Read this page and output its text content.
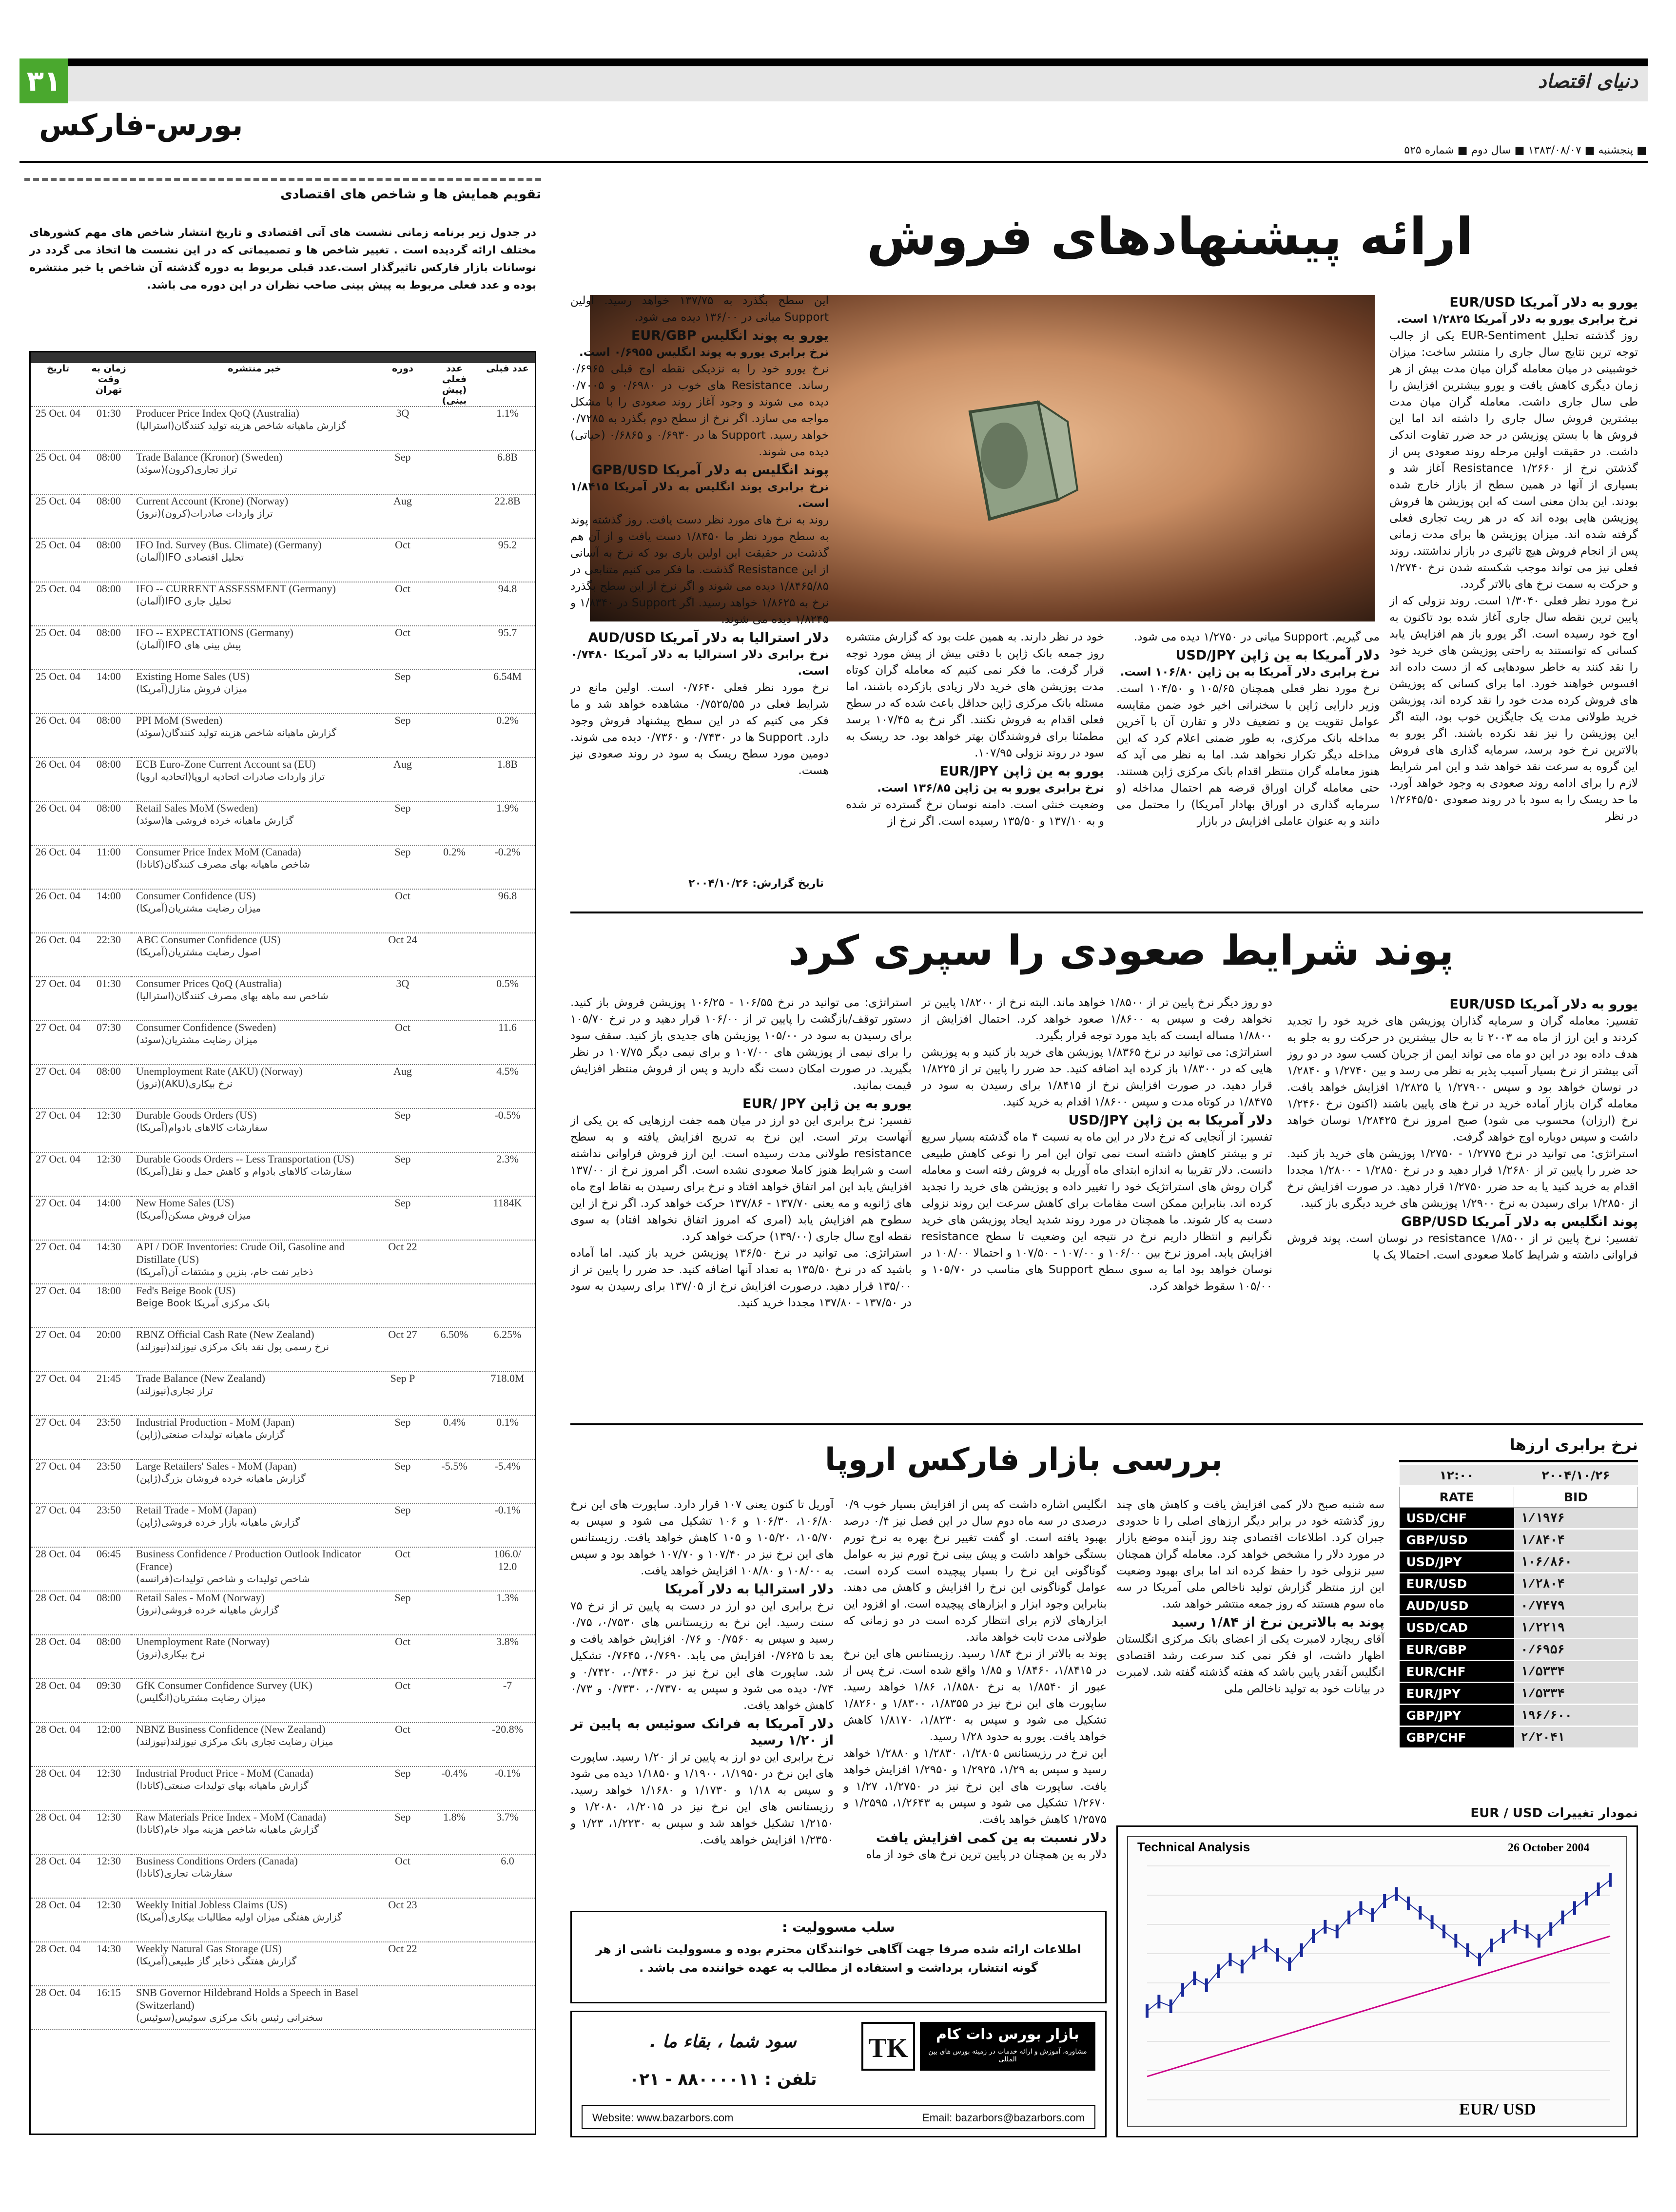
دنیای اقتصاد
۳۱
بورس-فارکس
■ پنجشنبه ■ ۱۳۸۳/۰۸/۰۷ ■ سال دوم ■ شماره ۵۲۵
تقویم همایش ها و شاخص های اقتصادی
در جدول زیر برنامه زمانی نشست های آتی اقتصادی و تاریخ انتشار شاخص های مهم کشورهای مختلف ارائه گردیده است . تغییر شاخص ها و تصمیماتی که در این نشست ها اتخاذ می گردد در نوسانات بازار فارکس تاثیرگذار است.عدد قبلی مربوط به دوره گذشته آن شاخص یا خبر منتشره بوده و عدد فعلی مربوط به پیش بینی صاحب نظران در این دوره می باشد.
تاریخ	زمان به وقت تهران	خبر منتشره	دوره	عدد فعلی (پیش بینی)	عدد قبلی
25 Oct. 04	01:30	Producer Price Index QoQ (Australia)
گزارش ماهیانه شاخص هزینه تولید کنندگان(استرالیا)	3Q		1.1%
25 Oct. 04	08:00	Trade Balance (Kronor) (Sweden)
تراز تجاری(کرون)(سوئد)	Sep		6.8B
25 Oct. 04	08:00	Current Account (Krone) (Norway)
تراز واردات صادرات(کرون)(نروژ)	Aug		22.8B
25 Oct. 04	08:00	IFO Ind. Survey (Bus. Climate) (Germany)
تحلیل اقتصادی IFO(آلمان)	Oct		95.2
25 Oct. 04	08:00	IFO -- CURRENT ASSESSMENT (Germany)
تحلیل جاری IFO(آلمان)	Oct		94.8
25 Oct. 04	08:00	IFO -- EXPECTATIONS (Germany)
پیش بینی های IFO(آلمان)	Oct		95.7
25 Oct. 04	14:00	Existing Home Sales (US)
میزان فروش منازل(آمریکا)	Sep		6.54M
26 Oct. 04	08:00	PPI MoM (Sweden)
گزارش ماهیانه شاخص هزینه تولید کنندگان(سوئد)	Sep		0.2%
26 Oct. 04	08:00	ECB Euro-Zone Current Account sa (EU)
تراز واردات صادرات اتحادیه اروپا(اتحادیه اروپا)	Aug		1.8B
26 Oct. 04	08:00	Retail Sales MoM (Sweden)
گزارش ماهیانه خرده فروشی ها(سوئد)	Sep		1.9%
26 Oct. 04	11:00	Consumer Price Index MoM (Canada)
شاخص ماهیانه بهای مصرف کنندگان(کانادا)	Sep	0.2%	-0.2%
26 Oct. 04	14:00	Consumer Confidence (US)
میزان رضایت مشتریان(آمریکا)	Oct		96.8
26 Oct. 04	22:30	ABC Consumer Confidence (US)
اصول رضایت مشتریان(آمریکا)	Oct 24		
27 Oct. 04	01:30	Consumer Prices QoQ (Australia)
شاخص سه ماهه بهای مصرف کنندگان(استرالیا)	3Q		0.5%
27 Oct. 04	07:30	Consumer Confidence (Sweden)
میزان رضایت مشتریان(سوئد)	Oct		11.6
27 Oct. 04	08:00	Unemployment Rate (AKU) (Norway)
نرخ بیکاری(AKU)(نروژ)	Aug		4.5%
27 Oct. 04	12:30	Durable Goods Orders (US)
سفارشات کالاهای بادوام(آمریکا)	Sep		-0.5%
27 Oct. 04	12:30	Durable Goods Orders -- Less Transportation (US)
سفارشات کالاهای بادوام و کاهش حمل و نقل(آمریکا)	Sep		2.3%
27 Oct. 04	14:00	New Home Sales (US)
میزان فروش مسکن(آمریکا)	Sep		1184K
27 Oct. 04	14:30	API / DOE Inventories: Crude Oil, Gasoline and Distillate (US)
ذخایر نفت خام، بنزین و مشتقات آن(آمریکا)	Oct 22		
27 Oct. 04	18:00	Fed's Beige Book (US)
بانک مرکزی آمریکا Beige Book			

27 Oct. 04	20:00	RBNZ Official Cash Rate (New Zealand)
نرخ رسمی پول نقد بانک مرکزی نیوزلند(نیوزلند)	Oct 27	6.50%	6.25%
27 Oct. 04	21:45	Trade Balance (New Zealand)
تراز تجاری(نیوزلند)	Sep P		718.0M
27 Oct. 04	23:50	Industrial Production - MoM (Japan)
گزارش ماهیانه تولیدات صنعتی(ژاپن)	Sep	0.4%	0.1%
27 Oct. 04	23:50	Large Retailers' Sales - MoM (Japan)
گزارش ماهیانه خرده فروشان بزرگ(ژاپن)	Sep	-5.5%	-5.4%
27 Oct. 04	23:50	Retail Trade - MoM (Japan)
گزارش ماهیانه بازار خرده فروشی(ژاپن)	Sep		-0.1%
28 Oct. 04	06:45	Business Confidence / Production Outlook Indicator (France)
شاخص تولیدات و شاخص تولیدات(فرانسه)	Oct		106.0/ 12.0
28 Oct. 04	08:00	Retail Sales - MoM (Norway)
گزارش ماهیانه خرده فروشی(نروژ)	Sep		1.3%
28 Oct. 04	08:00	Unemployment Rate (Norway)
نرخ بیکاری(نروژ)	Oct		3.8%
28 Oct. 04	09:30	GfK Consumer Confidence Survey (UK)
میزان رضایت مشتریان(انگلیس)	Oct		-7
28 Oct. 04	12:00	NBNZ Business Confidence (New Zealand)
میزان رضایت تجاری بانک مرکزی نیوزلند(نیوزلند)	Oct		-20.8%
28 Oct. 04	12:30	Industrial Product Price - MoM (Canada)
گزارش ماهیانه بهای تولیدات صنعتی(کانادا)	Sep	-0.4%	-0.1%
28 Oct. 04	12:30	Raw Materials Price Index - MoM (Canada)
گزارش ماهیانه شاخص هزینه مواد خام(کانادا)	Sep	1.8%	3.7%
28 Oct. 04	12:30	Business Conditions Orders (Canada)
سفارشات تجاری(کانادا)	Oct		6.0
28 Oct. 04	12:30	Weekly Initial Jobless Claims (US)
گزارش هفتگی میزان اولیه مطالبات بیکاری(آمریکا)	Oct 23		
28 Oct. 04	14:30	Weekly Natural Gas Storage (US)
گزارش هفتگی ذخایر گاز طبیعی(آمریکا)	Oct 22		
28 Oct. 04	16:15	SNB Governor Hildebrand Holds a Speech in Basel (Switzerland)
سخنرانی رئیس بانک مرکزی سوئیس(سوئیس)			

ارائه پیشنهادهای فروش
یورو به دلار آمریکا EUR/USD
نرخ برابری یورو به دلار آمریکا ۱/۲۸۲۵ است.
روز گذشته تحلیل EUR-Sentiment یکی از جالب توجه ترین نتایج سال جاری را منتشر ساخت: میزان خوشبینی در میان معامله گران میان مدت بیش از هر زمان دیگری کاهش یافت و یورو بیشترین افزایش را طی سال جاری داشت. معامله گران میان مدت بیشترین فروش سال جاری را داشته اند اما این فروش ها با بستن پوزیشن در حد ضرر تفاوت اندکی داشت. در حقیقت اولین مرحله روند صعودی پس از گذشتن نرخ از ۱/۲۶۶۰ Resistance آغاز شد و بسیاری از آنها در همین سطح از بازار خارج شده بودند. این بدان معنی است که این پوزیشن ها فروش پوزیشن هایی بوده اند که در هر ریت تجاری فعلی گرفته شده اند. میزان پوزیشن ها برای مدت زمانی پس از انجام فروش هیچ تاثیری در بازار نداشتند. روند فعلی نیز می تواند موجب شکسته شدن نرخ ۱/۲۷۴۰ و حرکت به سمت نرخ های بالاتر گردد.
نرخ مورد نظر فعلی ۱/۳۰۴۰ است. روند نزولی که از پایین ترین نقطه سال جاری آغاز شده بود تاکنون به اوج خود رسیده است. اگر یورو باز هم افزایش یابد کسانی که توانستند به راحتی پوزیشن های خرید خود را نقد کنند به خاطر سودهایی که از دست داده اند افسوس خواهند خورد. اما برای کسانی که پوزیشن های فروش کرده مدت خود را نقد کرده اند، پوزیشن خرید طولانی مدت یک جایگزین خوب بود، البته اگر این پوزیشن را نیز نقد نکرده باشند. اگر یورو به بالاترین نرخ خود برسد، سرمایه گذاری های فروش این گروه به سرعت نقد خواهد شد و این امر شرایط لازم را برای ادامه روند صعودی به وجود خواهد آورد. ما حد ریسک را به سود با در روند صعودی ۱/۲۶۴۵/۵۰ در نظر
می گیریم. Support میانی در ۱/۲۷۵۰ دیده می شود.
دلار آمریکا به ین ژاپن USD/JPY
نرخ برابری دلار آمریکا به ین ژاپن ۱۰۶/۸۰ است.
نرخ مورد نظر فعلی همچنان ۱۰۵/۶۵ و ۱۰۴/۵۰ است. وزیر دارایی ژاپن با سخنرانی اخیر خود ضمن مقایسه عوامل تقویت ین و تضعیف دلار و تقارن آن با آخرین مداخله بانک مرکزی، به طور ضمنی اعلام کرد که این مداخله دیگر تکرار نخواهد شد. اما به نظر می آید که هنوز معامله گران منتظر اقدام بانک مرکزی ژاپن هستند. حتی معامله گران اوراق قرضه هم احتمال مداخله (و سرمایه گذاری در اوراق بهادار آمریکا) را محتمل می دانند و به عنوان عاملی افزایش در بازار
خود در نظر دارند. به همین علت بود که گزارش منتشره روز جمعه بانک ژاپن با دقتی بیش از پیش مورد توجه قرار گرفت. ما فکر نمی کنیم که معامله گران کوتاه مدت پوزیشن های خرید دلار زیادی بازکرده باشند، اما مسئله بانک مرکزی ژاپن حداقل باعث شده که در سطح فعلی اقدام به فروش نکنند. اگر نرخ به ۱۰۷/۴۵ برسد مطمئنا برای فروشندگان بهتر خواهد بود. حد ریسک به سود در روند نزولی ۱۰۷/۹۵.
یورو به ین ژاپن EUR/JPY
نرخ برابری یورو به ین ژاپن ۱۳۶/۸۵ است.
وضعیت خنثی است. دامنه نوسان نرخ گسترده تر شده و به ۱۳۷/۱۰ و ۱۳۵/۵۰ رسیده است. اگر نرخ از
این سطح بگذرد به ۱۳۷/۷۵ خواهد رسید. اولین Support میانی در ۱۳۶/۰۰ دیده می شود.
یورو به پوند انگلیس EUR/GBP
نرخ برابری یورو به پوند انگلیس ۰/۶۹۵۵ است.
نرخ یورو خود را به نزدیکی نقطه اوج قبلی ۰/۶۹۶۵ رساند. Resistance های خوب در ۰/۶۹۸۰ و ۰/۷۰۰۵ دیده می شوند و وجود آغاز روند صعودی را با مشکل مواجه می سازد. اگر نرخ از سطح دوم بگذرد به ۰/۷۲۸۵ خواهد رسید. Support ها در ۰/۶۹۳۰ و ۰/۶۸۶۵ (حیاتی) دیده می شوند.
پوند انگلیس به دلار آمریکا GPB/USD
نرخ برابری پوند انگلیس به دلار آمریکا ۱/۸۴۱۵ است.
روند به نرخ های مورد نظر دست یافت. روز گذشته پوند به سطح مورد نظر ما ۱/۸۴۵۰ دست یافت و از آن هم گذشت در حقیقت این اولین باری بود که نرخ به آسانی از این Resistance گذشت. ما فکر می کنیم متنابعی در ۱/۸۴۶۵/۸۵ دیده می شوند و اگر نرخ از این سطح بگذرد نرخ به ۱/۸۶۲۵ خواهد رسید. اگر Support در ۱/۸۳۴۰ و ۱/۸۲۴۵ دیده می شوند.
دلار استرالیا به دلار آمریکا AUD/USD
نرخ برابری دلار استرالیا به دلار آمریکا ۰/۷۴۸۰ است.
نرخ مورد نظر فعلی ۰/۷۶۴۰ است. اولین مانع در شرایط فعلی در ۰/۷۵۲۵/۵۵ مشاهده خواهد شد و ما فکر می کنیم که در این سطح پیشنهاد فروش وجود دارد. Support ها در ۰/۷۴۳۰ و ۰/۷۳۶۰ دیده می شوند. دومین مورد سطح ریسک به سود در روند صعودی نیز هست.
تاریخ گزارش: ۲۰۰۴/۱۰/۲۶
پوند شرایط صعودی را سپری کرد
یورو به دلار آمریکا EUR/USD
تفسیر: معامله گران و سرمایه گذاران پوزیشن های خرید خود را تجدید کردند و این ارز از ماه مه ۲۰۰۳ تا به حال بیشترین در حرکت رو به جلو به هدف داده بود در این دو ماه می تواند ایمن از جریان کسب سود در دو روز آتی بیشتر از نرخ بسیار آسیب پذیر به نظر می رسد و بین ۱/۲۷۴۰ و ۱/۲۸۴۰ در نوسان خواهد بود و سپس ۱/۲۷۹۰۰ یا ۱/۲۸۲۵ افزایش خواهد یافت. معامله گران بازار آماده خرید در نرخ های پایین باشند (اکنون نرخ ۱/۲۴۶۰ نرخ (ارزان) محسوب می شود) صبح امروز نرخ ۱/۲۸۴۲۵ نوسان خواهد داشت و سپس دوباره اوج خواهد گرفت.
استراتژی: می توانید در نرخ ۱/۲۷۷۵ - ۱/۲۷۵۰ پوزیشن های خرید باز کنید. حد ضرر را پایین تر از ۱/۲۶۸۰ قرار دهید و در نرخ ۱/۲۸۵۰ - ۱/۲۸۰۰ مجددا اقدام به خرید کنید یا به حد ضرر ۱/۲۷۵۰ قرار دهید. در صورت افزایش نرخ از ۱/۲۸۵۰ برای رسیدن به نرخ ۱/۲۹۰۰ پوزیشن های خرید دیگری باز کنید.
پوند انگلیس به دلار آمریکا GBP/USD
تفسیر: نرخ پایین تر از ۱/۸۵۰۰ resistance در نوسان است. پوند فروش فراوانی داشته و شرایط کاملا صعودی است. احتمالا یک یا
دو روز دیگر نرخ پایین تر از ۱/۸۵۰۰ خواهد ماند. البته نرخ از ۱/۸۲۰۰ پایین تر نخواهد رفت و سپس به ۱/۸۶۰۰ صعود خواهد کرد. احتمال افزایش از ۱/۸۸۰۰ مساله ایست که باید مورد توجه قرار بگیرد.
استراتژی: می توانید در نرخ ۱/۸۳۶۵ پوزیشن های خرید باز کنید و به پوزیشن هایی که در ۱/۸۳۰۰ باز کرده اید اضافه کنید. حد ضرر را پایین تر از ۱/۸۲۲۵ قرار دهید. در صورت افزایش نرخ از ۱/۸۴۱۵ برای رسیدن به سود در ۱/۸۴۷۵ در کوتاه مدت و سپس ۱/۸۶۰۰ اقدام به خرید کنید.
دلار آمریکا به ین ژاپن USD/JPY
تفسیر: از آنجایی که نرخ دلار در این ماه به نسبت ۴ ماه گذشته بسیار سریع تر و بیشتر کاهش داشته است نمی توان این امر را نوعی کاهش طبیعی دانست. دلار تقریبا به اندازه ابتدای ماه آوریل به فروش رفته است و معامله گران روش های استراتژیک خود را تغییر داده و پوزیشن های خرید را تجدید کرده اند. بنابراین ممکن است مقامات برای کاهش سرعت این روند نزولی دست به کار شوند. ما همچنان در مورد روند شدید ایجاد پوزیشن های خرید نگرانیم و انتظار داریم نرخ در نتیجه این وضعیت تا سطح resistance افزایش یابد. امروز نرخ بین ۱۰۶/۰۰ و ۱۰۷/۰۰ - ۱۰۷/۵۰ و احتمالا ۱۰۸/۰۰ در نوسان خواهد بود اما به سوی سطح Support های مناسب در ۱۰۵/۷۰ و ۱۰۵/۰۰ سقوط خواهد کرد.
استراتژی: می توانید در نرخ ۱۰۶/۵۵ - ۱۰۶/۲۵ پوزیشن فروش باز کنید. دستور توقف/بازگشت را پایین تر از ۱۰۶/۰۰ قرار دهید و در نرخ ۱۰۵/۷۰ برای رسیدن به سود در ۱۰۵/۰۰ پوزیشن های جدیدی باز کنید. سقف سود را برای نیمی از پوزیشن های ۱۰۷/۰۰ و برای نیمی دیگر ۱۰۷/۷۵ در نظر بگیرید. در صورت امکان دست نگه دارید و پس از فروش منتظر افزایش قیمت بمانید.
یورو به ین ژاپن EUR/ JPY
تفسیر: نرخ برابری این دو ارز در میان همه جفت ارزهایی که ین یکی از آنهاست برتر است. این نرخ به تدریج افزایش یافته و به سطح resistance طولانی مدت رسیده است. این ارز فروش فراوانی نداشته است و شرایط هنوز کاملا صعودی نشده است. اگر امروز نرخ از ۱۳۷/۰۰ افزایش یابد این امر اتفاق خواهد افتاد و نرخ برای رسیدن به نقاط اوج ماه های ژانویه و مه یعنی ۱۳۷/۷۰ - ۱۳۷/۸۶ حرکت خواهد کرد. اگر نرخ از این سطوح هم افزایش یابد (امری که امروز اتفاق نخواهد افتاد) به سوی نقطه اوج سال جاری (۱۳۹/۰۰) حرکت خواهد کرد.
استراتژی: می توانید در نرخ ۱۳۶/۵۰ پوزیشن خرید باز کنید. اما آماده باشید که در نرخ ۱۳۵/۵۰ به تعداد آنها اضافه کنید. حد ضرر را پایین تر از ۱۳۵/۰۰ قرار دهید. درصورت افزایش نرخ از ۱۳۷/۰۵ برای رسیدن به سود در ۱۳۷/۵۰ - ۱۳۷/۸۰ مجددا خرید کنید.
نرخ برابری ارزها
۱۲:۰۰	۲۰۰۴/۱۰/۲۶
RATE	BID
USD/CHF	۱/۱۹۷۶
GBP/USD	۱/۸۴۰۴
USD/JPY	۱۰۶/۸۶۰
EUR/USD	۱/۲۸۰۴
AUD/USD	۰/۷۴۷۹
USD/CAD	۱/۲۲۱۹
EUR/GBP	۰/۶۹۵۶
EUR/CHF	۱/۵۳۳۴
EUR/JPY	۱/۵۳۳۴
GBP/JPY	۱۹۶/۶۰۰
GBP/CHF	۲/۲۰۴۱
نمودار تغییرات EUR / USD
Technical Analysis	26 October 2004
EUR/ USD
بررسی بازار فارکس اروپا
سه شنبه صبح دلار کمی افزایش یافت و کاهش های چند روز گذشته خود در برابر دیگر ارزهای اصلی را تا حدودی جبران کرد. اطلاعات اقتصادی چند روز آینده موضع بازار در مورد دلار را مشخص خواهد کرد. معامله گران همچنان سیر نزولی خود را حفظ کرده اند اما برای بهبود وضعیت این ارز منتظر گزارش تولید ناخالص ملی آمریکا در سه ماه سوم هستند که روز جمعه منتشر خواهد شد.
پوند به بالاترین نرخ از ۱/۸۴ رسید
آقای ریچارد لامبرت یکی از اعضای بانک مرکزی انگلستان اظهار داشت، او فکر نمی کند سرعت رشد اقتصادی انگلیس آنقدر پایین باشد که هفته گذشته گفته شد. لامبرت در بیانات خود به تولید ناخالص ملی
انگلیس اشاره داشت که پس از افزایش بسیار خوب ۰/۹ درصدی در سه ماه دوم سال در این فصل نیز ۰/۴ درصد بهبود یافته است. او گفت تغییر نرخ بهره به نرخ تورم بستگی خواهد داشت و پیش بینی نرخ تورم نیز به عوامل گوناگونی این نرخ را بسیار پیچیده است کرده است. عوامل گوناگونی این نرخ را افزایش و کاهش می دهند. بنابراین وجود ابزار و ابزارهای پیچیده است. او افزود این ابزارهای لازم برای انتظار کرده است در دو زمانی که طولانی مدت ثابت خواهد ماند.
پوند به بالاتر از نرخ ۱/۸۴ رسید. رزیستانس های این نرخ در ۱/۸۴۱۵، ۱/۸۴۶۰ و ۱/۸۵ واقع شده است. نرخ پس از عبور از ۱/۸۵۴۰ به نرخ ۱/۸۵۸۰، ۱/۸۶ خواهد رسید. ساپورت های این نرخ نیز در ۱/۸۳۵۵، ۱/۸۳۰۰ و ۱/۸۲۶۰ تشکیل می شود و سپس به ۱/۸۲۳۰، ۱/۸۱۷۰ کاهش خواهد یافت. یورو به حدود ۱/۲۸ رسید.
این نرخ در رزیستانس ۱/۲۸۰۵، ۱/۲۸۳۰ و ۱/۲۸۸۰ خواهد رسید و سپس به ۱/۲۹، ۱/۲۹۲۵ و ۱/۲۹۵۰ افزایش خواهد یافت. ساپورت های این نرخ نیز در ۱/۲۷۵۰، ۱/۲۷ و ۱/۲۶۷۰ تشکیل می شود و سپس به ۱/۲۶۴۳، ۱/۲۵۹۵ و ۱/۲۵۷۵ کاهش خواهد یافت.
دلار نسبت به ین کمی افزایش یافت
دلار به ین همچنان در پایین ترین نرخ های خود از ماه
آوریل تا کنون یعنی ۱۰۷ قرار دارد. ساپورت های این نرخ ۱۰۶/۸۰، ۱۰۶/۳۰ و ۱۰۶ تشکیل می شود و سپس به ۱۰۵/۷۰، ۱۰۵/۲۰ و ۱۰۵ کاهش خواهد یافت. رزیستانس های این نرخ نیز در ۱۰۷/۴۰ و ۱۰۷/۷۰ خواهد بود و سپس به ۱۰۸/۰۰ و ۱۰۸/۸۰ افزایش خواهد یافت.
دلار استرالیا به دلار آمریکا
نرخ برابری این دو ارز در دست به پایین تر از نرخ ۷۵ سنت رسید. این نرخ به رزیستانس های ۰/۷۵۳۰، ۰/۷۵ رسید و سپس به ۰/۷۵۶۰ و ۰/۷۶ افزایش خواهد یافت و بعد تا ۰/۷۶۲۵ افزایش می یابد. ۰/۷۶۹۰، ۰/۷۶۴۵ تشکیل شد. ساپورت های این نرخ نیز در ۰/۷۴۶۰، ۰/۷۴۲۰ و ۰/۷۴ دیده می شود و سپس به ۰/۷۳۷۰، ۰/۷۳۳۰ و ۰/۷۳ کاهش خواهد یافت.
دلار آمریکا به فرانک سوئیس به پایین تر از ۱/۲۰ رسید
نرخ برابری این دو ارز به پایین تر از ۱/۲۰ رسید. ساپورت های این نرخ در ۱/۱۹۵۰، ۱/۱۹۰۰ و ۱/۱۸۵۰ دیده می شود و سپس به ۱/۱۸ و ۱/۱۷۳۰ و ۱/۱۶۸۰ خواهد رسید. رزیستانس های این نرخ نیز در ۱/۲۰۱۵، ۱/۲۰۸۰ و ۱/۲۱۵۰ تشکیل خواهد شد و سپس به ۱/۲۲۳۰، ۱/۲۳ و ۱/۲۳۵۰ افزایش خواهد یافت.
سلب مسوولیت :
اطلاعات ارائه شده صرفا جهت آگاهی خوانندگان محترم بوده و مسوولیت ناشی از هر گونه انتشار، برداشت و استفاده از مطالب به عهده خواننده می باشد .
TK	بازار بورس دات کام
مشاوره، آموزش و ارائه خدمات در زمینه بورس های بین المللی
سود شما ، بقاء ما .
تلفن : ۸۸۰۰۰۰۱۱ - ۰۲۱
Website: www.bazarbors.com	Email: bazarbors@bazarbors.com
